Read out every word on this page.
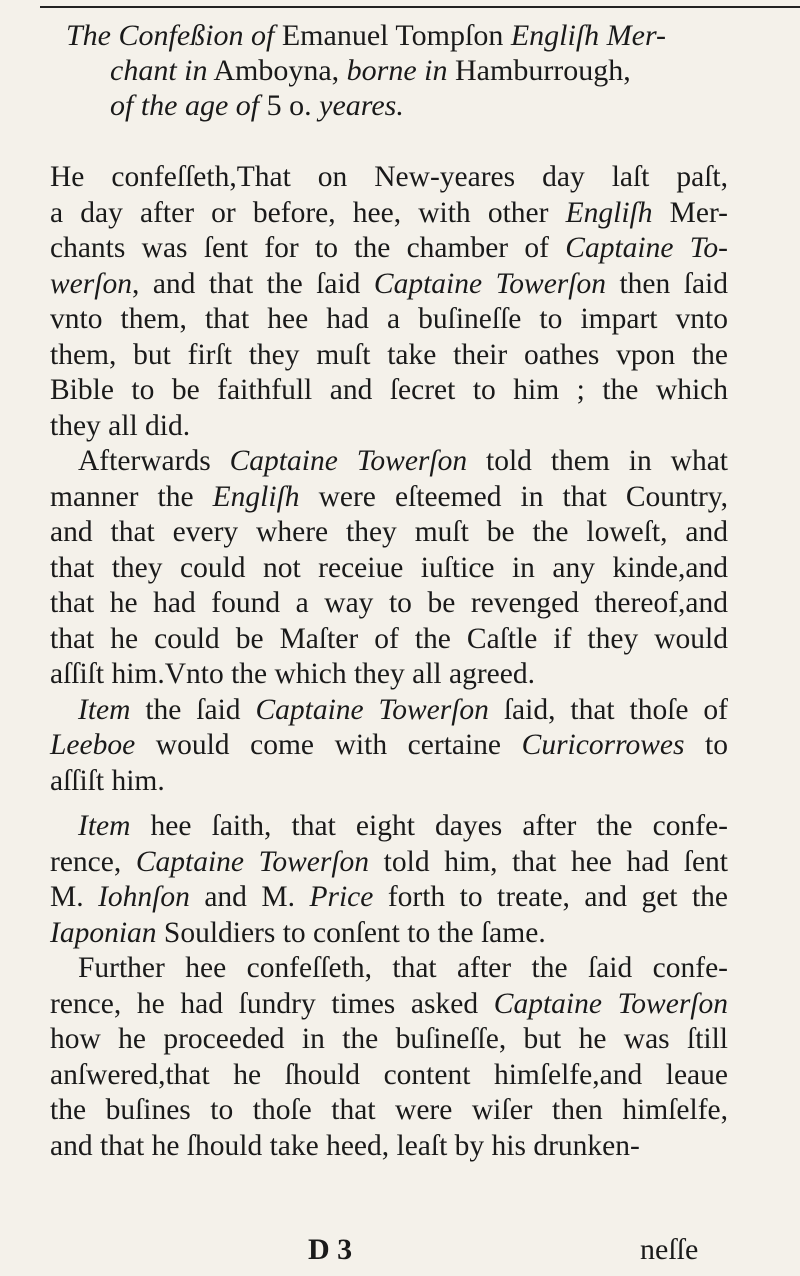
The Confeßion of Emanuel Tompſon Engliſh Mer-
chant in Amboyna, borne in Hamburrough,
of the age of 5 o. yeares.
He confeſſeth,That on New-yeares day laſt paſt,
a day after or before, hee, with other Engliſh Mer-
chants was ſent for to the chamber of Captaine To-
werſon, and that the ſaid Captaine Towerſon then ſaid
vnto them, that hee had a buſineſſe to impart vnto
them, but firſt they muſt take their oathes vpon the
Bible to be faithfull and ſecret to him ; the which
they all did.
Afterwards Captaine Towerſon told them in what
manner the Engliſh were eſteemed in that Country,
and that every where they muſt be the loweſt, and
that they could not receiue iuſtice in any kinde,and
that he had found a way to be revenged thereof,and
that he could be Maſter of the Caſtle if they would
aſſiſt him.Vnto the which they all agreed.
Item the ſaid Captaine Towerſon ſaid, that thoſe of
Leeboe would come with certaine Curicorrowes to
aſſiſt him.
Item hee ſaith, that eight dayes after the confe-
rence, Captaine Towerſon told him, that hee had ſent
M. Iohnſon and M. Price forth to treate, and get the
Iaponian Souldiers to conſent to the ſame.
Further hee confeſſeth, that after the ſaid confe-
rence, he had ſundry times asked Captaine Towerſon
how he proceeded in the buſineſſe, but he was ſtill
anſwered,that he ſhould content himſelfe,and leaue
the buſines to thoſe that were wiſer then himſelfe,
and that he ſhould take heed, leaſt by his drunken-
D 3	neſſe
